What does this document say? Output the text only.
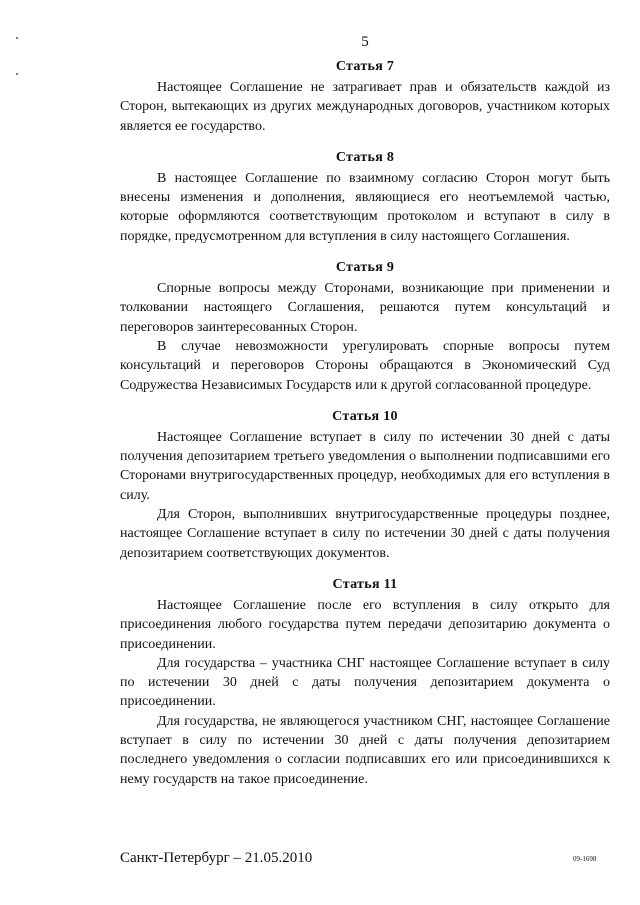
5
Статья 7

Настоящее Соглашение не затрагивает прав и обязательств каждой из Сторон, вытекающих из других международных договоров, участником которых является ее государство.

Статья 8

В настоящее Соглашение по взаимному согласию Сторон могут быть внесены изменения и дополнения, являющиеся его неотъемлемой частью, которые оформляются соответствующим протоколом и вступают в силу в порядке, предусмотренном для вступления в силу настоящего Соглашения.

Статья 9

Спорные вопросы между Сторонами, возникающие при применении и толковании настоящего Соглашения, решаются путем консультаций и переговоров заинтересованных Сторон.

В случае невозможности урегулировать спорные вопросы путем консультаций и переговоров Стороны обращаются в Экономический Суд Содружества Независимых Государств или к другой согласованной процедуре.

Статья 10

Настоящее Соглашение вступает в силу по истечении 30 дней с даты получения депозитарием третьего уведомления о выполнении подписавшими его Сторонами внутригосударственных процедур, необходимых для его вступления в силу.

Для Сторон, выполнивших внутригосударственные процедуры позднее, настоящее Соглашение вступает в силу по истечении 30 дней с даты получения депозитарием соответствующих документов.

Статья 11

Настоящее Соглашение после его вступления в силу открыто для присоединения любого государства путем передачи депозитарию документа о присоединении.

Для государства – участника СНГ настоящее Соглашение вступает в силу по истечении 30 дней с даты получения депозитарием документа о присоединении.

Для государства, не являющегося участником СНГ, настоящее Соглашение вступает в силу по истечении 30 дней с даты получения депозитарием последнего уведомления о согласии подписавших его или присоединившихся к нему государств на такое присоединение.

Санкт-Петербург – 21.05.2010	09-1698
